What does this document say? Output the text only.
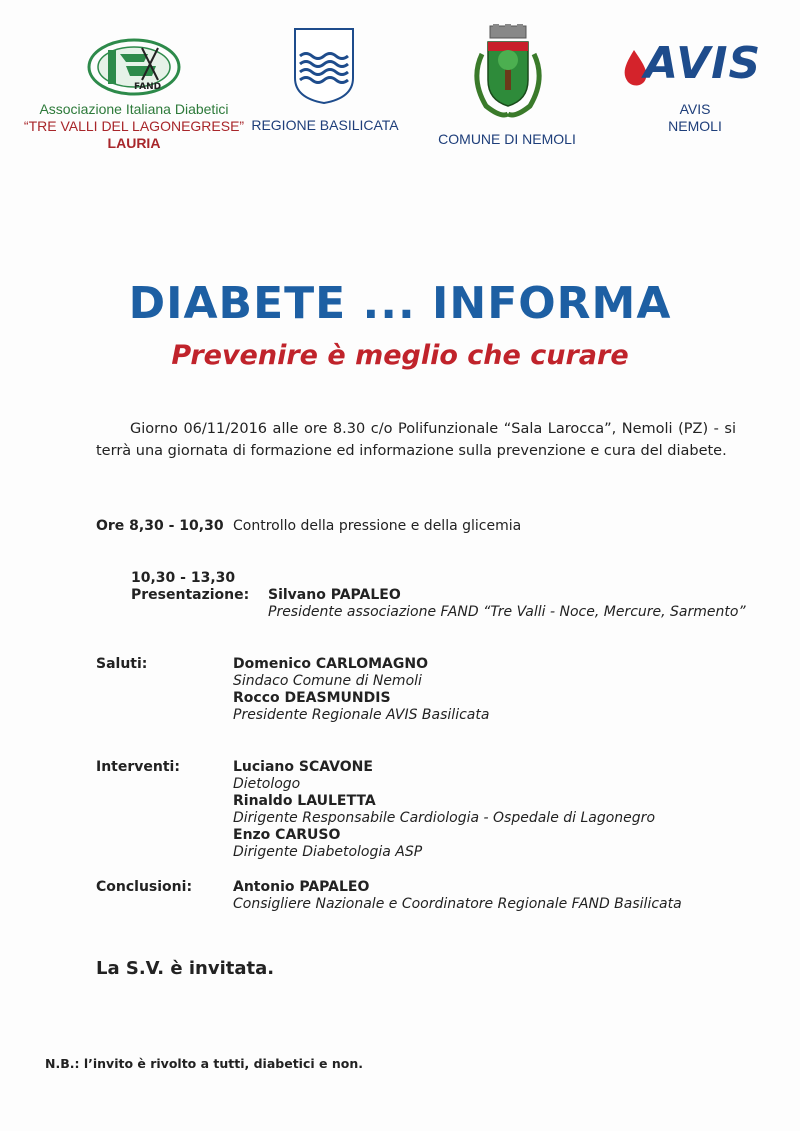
FAND
Associazione Italiana Diabetici
“TRE VALLI DEL LAGONEGRESE”
LAURIA
REGIONE BASILICATA
COMUNE DI NEMOLI
AVIS
AVIS
NEMOLI
DIABETE ... INFORMA
Prevenire è meglio che curare
Giorno 06/11/2016 alle ore 8.30 c/o Polifunzionale “Sala Larocca”, Nemoli (PZ) - si terrà una giornata di formazione ed informazione sulla prevenzione e cura del diabete.
Ore 8,30 - 10,30 Controllo della pressione e della glicemia
10,30 - 13,30
Presentazione: Silvano PAPALEO
Presidente associazione FAND “Tre Valli - Noce, Mercure, Sarmento”
Saluti:	Domenico CARLOMAGNO
Sindaco Comune di Nemoli
Rocco DEASMUNDIS
Presidente Regionale AVIS Basilicata
Interventi:	Luciano SCAVONE
Dietologo
Rinaldo LAULETTA
Dirigente Responsabile Cardiologia - Ospedale di Lagonegro
Enzo CARUSO
Dirigente Diabetologia ASP
Conclusioni:	Antonio PAPALEO
Consigliere Nazionale e Coordinatore Regionale FAND Basilicata
La S.V. è invitata.
N.B.: l’invito è rivolto a tutti, diabetici e non.
